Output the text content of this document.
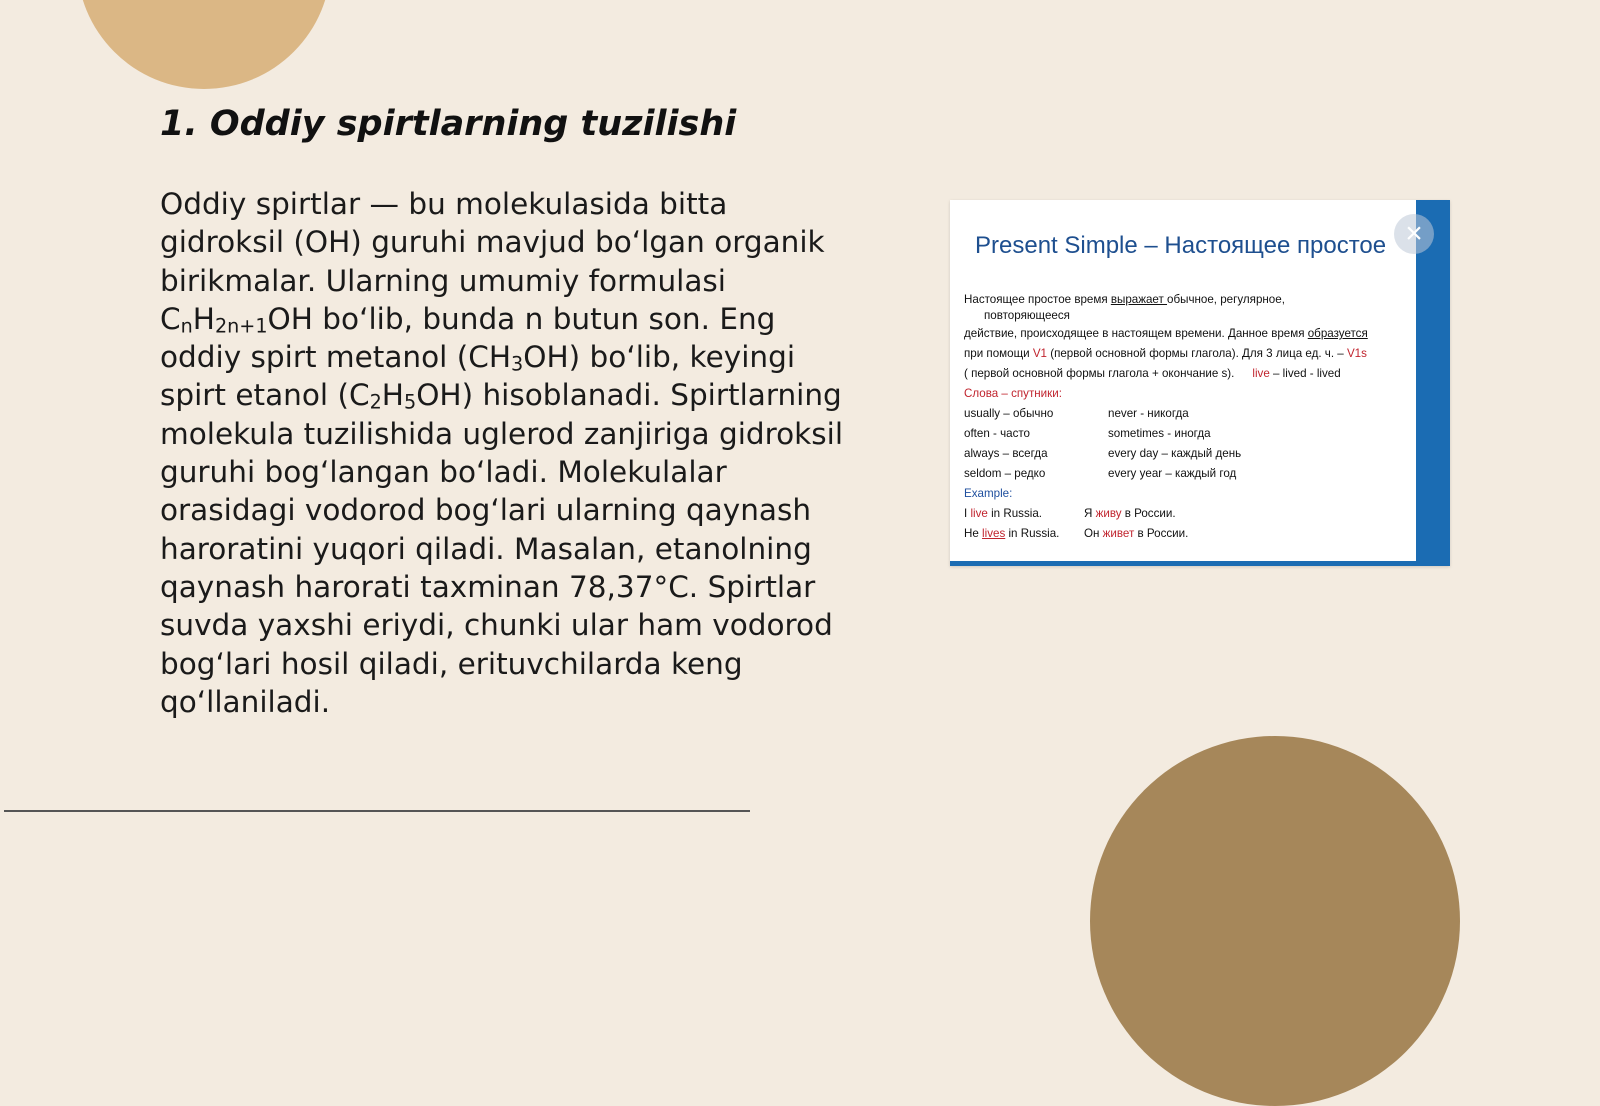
1. Oddiy spirtlarning tuzilishi

Oddiy spirtlar — bu molekulasida bitta gidroksil (OH) guruhi mavjud bo‘lgan organik birikmalar. Ularning umumiy formulasi $C_nH_{2n+1}OH$ bo‘lib, bunda n butun son. Eng oddiy spirt metanol $(CH_3OH)$ bo‘lib, keyingi spirt etanol $(C_2H_5OH)$ hisoblanadi. Spirtlarning molekula tuzilishida uglerod zanjiriga gidroksil guruhi bog‘langan bo‘ladi. Molekulalar orasidagi vodorod bog‘lari ularning qaynash haroratini yuqori qiladi. Masalan, etanolning qaynash harorati taxminan 78,37°C. Spirtlar suvda yaxshi eriydi, chunki ular ham vodorod bog‘lari hosil qiladi, erituvchilarda keng qo‘llaniladi.

×
Present Simple – Настоящее простое
Настоящее простое время выражает обычное, регулярное,
повторяющееся
действие, происходящее в настоящем времени. Данное время образуется
при помощи V1 (первой основной формы глагола). Для 3 лица ед. ч. – V1s
( первой основной формы глагола + окончание s). live – lived - lived
Слова – спутники:
usually – обычно	never - никогда
often - часто	sometimes - иногда
always – всегда	every day – каждый день
seldom – редко	every year – каждый год
Example:
I live in Russia.	Я живу в России.
He lives in Russia. Он живет в России.
